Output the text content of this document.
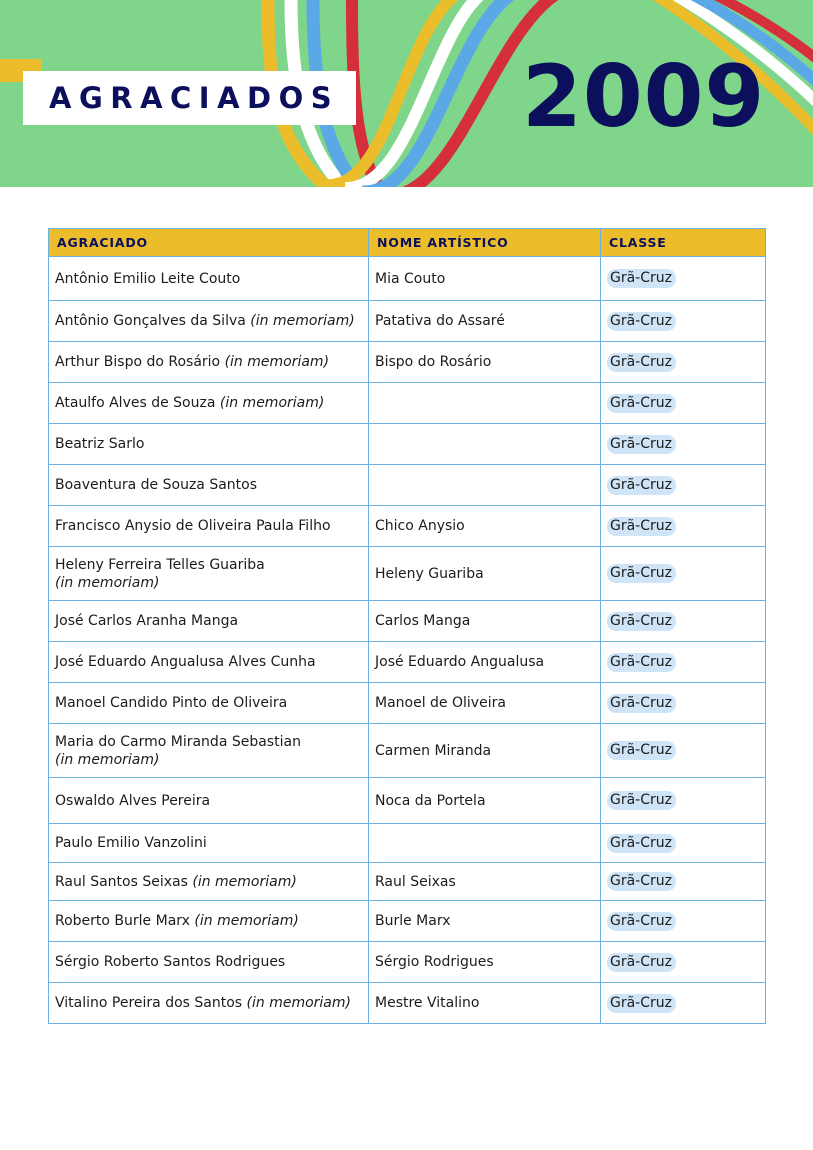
AGRACIADOS 2009
AGRACIADO	NOME ARTÍSTICO	CLASSE
Antônio Emilio Leite Couto	Mia Couto	Grã-Cruz
Antônio Gonçalves da Silva (in memoriam)	Patativa do Assaré	Grã-Cruz
Arthur Bispo do Rosário (in memoriam)	Bispo do Rosário	Grã-Cruz
Ataulfo Alves de Souza (in memoriam)		Grã-Cruz
Beatriz Sarlo		Grã-Cruz
Boaventura de Souza Santos		Grã-Cruz
Francisco Anysio de Oliveira Paula Filho	Chico Anysio	Grã-Cruz
Heleny Ferreira Telles Guariba
(in memoriam)	Heleny Guariba	Grã-Cruz
José Carlos Aranha Manga	Carlos Manga	Grã-Cruz
José Eduardo Angualusa Alves Cunha	José Eduardo Angualusa	Grã-Cruz
Manoel Candido Pinto de Oliveira	Manoel de Oliveira	Grã-Cruz
Maria do Carmo Miranda Sebastian
(in memoriam)	Carmen Miranda	Grã-Cruz
Oswaldo Alves Pereira	Noca da Portela	Grã-Cruz
Paulo Emilio Vanzolini		Grã-Cruz
Raul Santos Seixas (in memoriam)	Raul Seixas	Grã-Cruz
Roberto Burle Marx (in memoriam)	Burle Marx	Grã-Cruz
Sérgio Roberto Santos Rodrigues	Sérgio Rodrigues	Grã-Cruz
Vitalino Pereira dos Santos (in memoriam)	Mestre Vitalino	Grã-Cruz
